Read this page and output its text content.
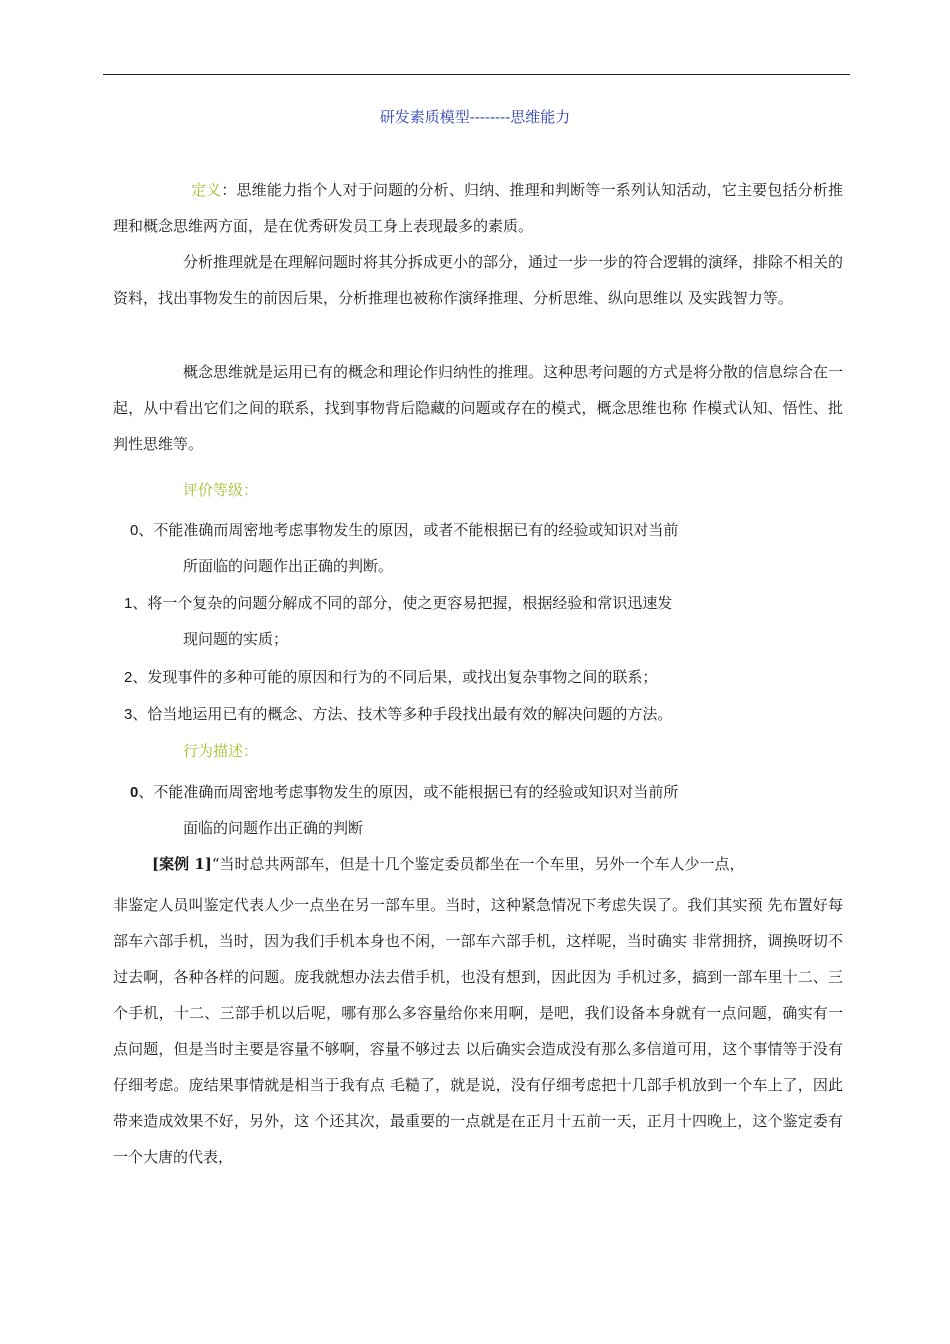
研发素质模型--------思维能力
定义：思维能力指个人对于问题的分析、归纳、推理和判断等一系列认知活动，它主要包括分析推理和概念思维两方面，是在优秀研发员工身上表现最多的素质。
分析推理就是在理解问题时将其分拆成更小的部分，通过一步一步的符合逻辑的演绎，排除不相关的资料，找出事物发生的前因后果，分析推理也被称作演绎推理、分析思维、纵向思维以 及实践智力等。
概念思维就是运用已有的概念和理论作归纳性的推理。这种思考问题的方式是将分散的信息综合在一起，从中看出它们之间的联系，找到事物背后隐藏的问题或存在的模式，概念思维也称 作模式认知、悟性、批判性思维等。
评价等级：
0、不能准确而周密地考虑事物发生的原因，或者不能根据已有的经验或知识对当前
所面临的问题作出正确的判断。
1、将一个复杂的问题分解成不同的部分，使之更容易把握，根据经验和常识迅速发
现问题的实质；
2、发现事件的多种可能的原因和行为的不同后果，或找出复杂事物之间的联系；
3、恰当地运用已有的概念、方法、技术等多种手段找出最有效的解决问题的方法。
行为描述：
0、不能准确而周密地考虑事物发生的原因，或不能根据已有的经验或知识对当前所
面临的问题作出正确的判断
[案例 1]“当时总共两部车，但是十几个鉴定委员都坐在一个车里，另外一个车人少一点，
非鉴定人员叫鉴定代表人少一点坐在另一部车里。当时，这种紧急情况下考虑失误了。我们其实预 先布置好每部车六部手机，当时，因为我们手机本身也不闲，一部车六部手机，这样呢，当时确实 非常拥挤，调换呀切不过去啊，各种各样的问题。庞我就想办法去借手机，也没有想到，因此因为 手机过多，搞到一部车里十二、三个手机，十二、三部手机以后呢，哪有那么多容量给你来用啊，是吧，我们设备本身就有一点问题，确实有一点问题，但是当时主要是容量不够啊，容量不够过去 以后确实会造成没有那么多信道可用，这个事情等于没有仔细考虑。庞结果事情就是相当于我有点 毛糙了，就是说，没有仔细考虑把十几部手机放到一个车上了，因此带来造成效果不好，另外，这 个还其次，最重要的一点就是在正月十五前一天，正月十四晚上，这个鉴定委有一个大唐的代表，
